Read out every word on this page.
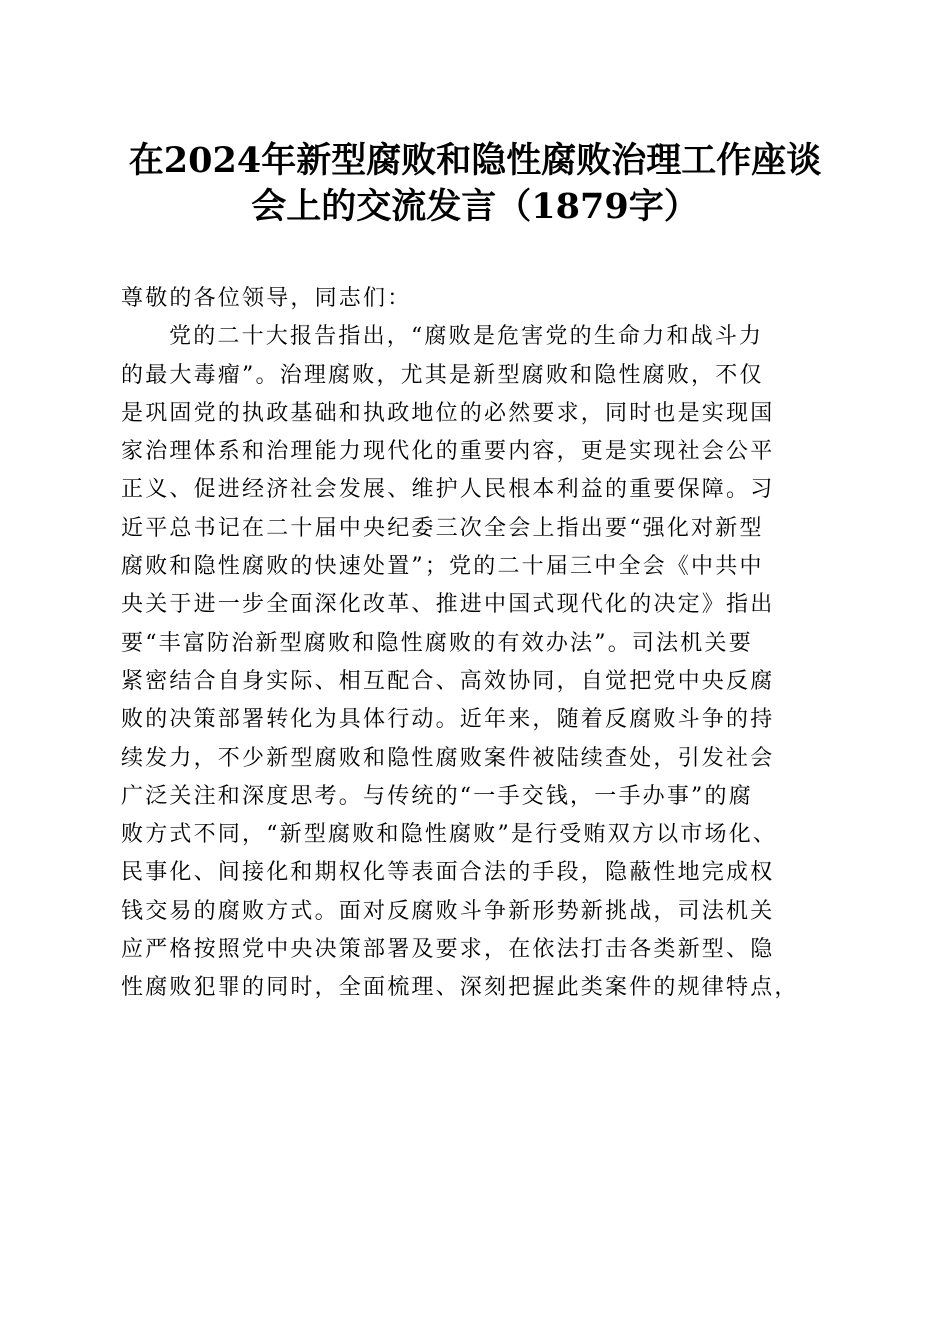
在2024年新型腐败和隐性腐败治理工作座谈
会上的交流发言（1879字）
尊敬的各位领导，同志们：
党的二十大报告指出，“腐败是危害党的生命力和战斗力
的最大毒瘤”。治理腐败，尤其是新型腐败和隐性腐败，不仅
是巩固党的执政基础和执政地位的必然要求，同时也是实现国
家治理体系和治理能力现代化的重要内容，更是实现社会公平
正义、促进经济社会发展、维护人民根本利益的重要保障。习
近平总书记在二十届中央纪委三次全会上指出要“强化对新型
腐败和隐性腐败的快速处置”；党的二十届三中全会《中共中
央关于进一步全面深化改革、推进中国式现代化的决定》指出
要“丰富防治新型腐败和隐性腐败的有效办法”。司法机关要
紧密结合自身实际、相互配合、高效协同，自觉把党中央反腐
败的决策部署转化为具体行动。近年来，随着反腐败斗争的持
续发力，不少新型腐败和隐性腐败案件被陆续查处，引发社会
广泛关注和深度思考。与传统的“一手交钱，一手办事”的腐
败方式不同，“新型腐败和隐性腐败”是行受贿双方以市场化、
民事化、间接化和期权化等表面合法的手段，隐蔽性地完成权
钱交易的腐败方式。面对反腐败斗争新形势新挑战，司法机关
应严格按照党中央决策部署及要求，在依法打击各类新型、隐
性腐败犯罪的同时，全面梳理、深刻把握此类案件的规律特点，
